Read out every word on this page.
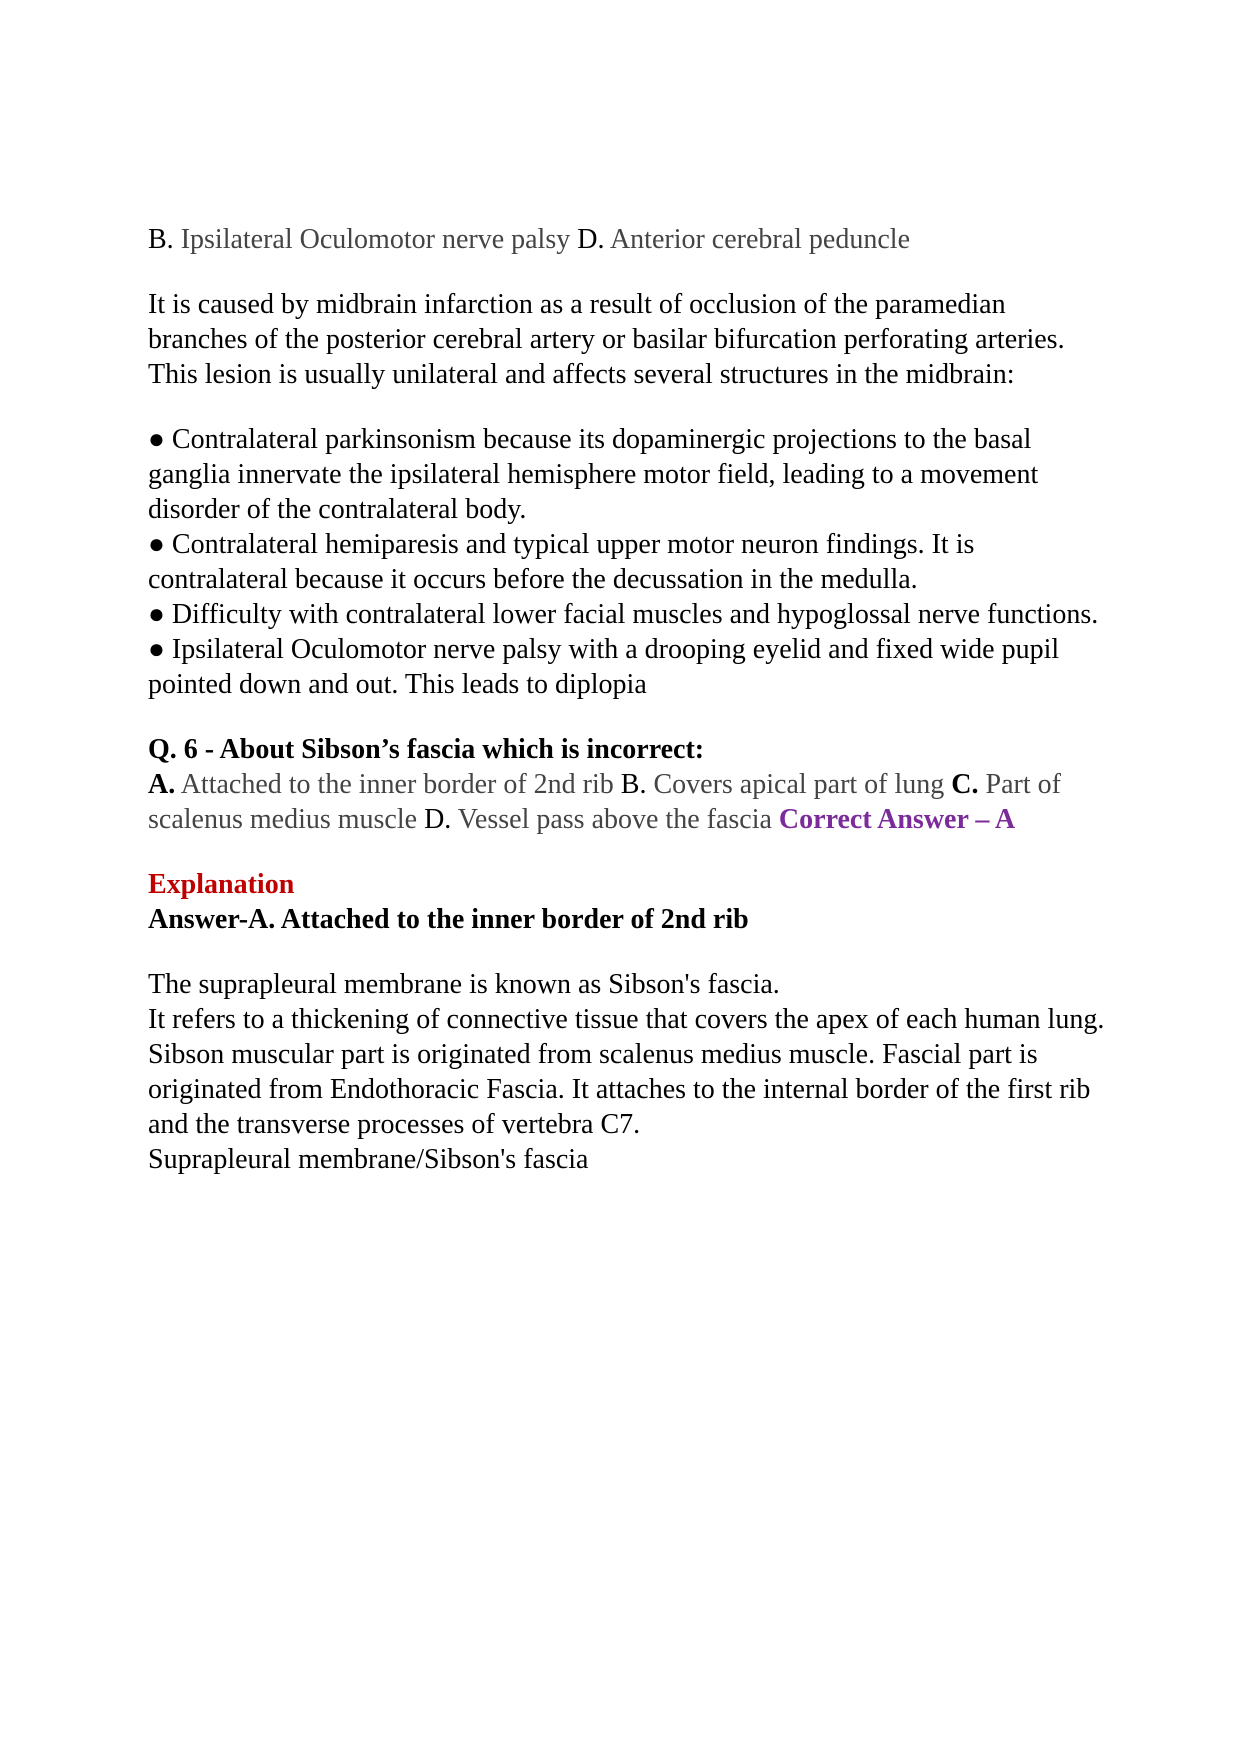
B. Ipsilateral Oculomotor nerve palsy D. Anterior cerebral peduncle

It is caused by midbrain infarction as a result of occlusion of the paramedian branches of the posterior cerebral artery or basilar bifurcation perforating arteries.

This lesion is usually unilateral and affects several structures in the midbrain:

● Contralateral parkinsonism because its dopaminergic projections to the basal ganglia innervate the ipsilateral hemisphere motor field, leading to a movement disorder of the contralateral body.

● Contralateral hemiparesis and typical upper motor neuron findings. It is contralateral because it occurs before the decussation in the medulla.

● Difficulty with contralateral lower facial muscles and hypoglossal nerve functions.

● Ipsilateral Oculomotor nerve palsy with a drooping eyelid and fixed wide pupil pointed down and out. This leads to diplopia

Q. 6 - About Sibson’s fascia which is incorrect:

A. Attached to the inner border of 2nd rib B. Covers apical part of lung C. Part of scalenus medius muscle D. Vessel pass above the fascia Correct Answer – A

Explanation

Answer-A. Attached to the inner border of 2nd rib

The suprapleural membrane is known as Sibson's fascia.

It refers to a thickening of connective tissue that covers the apex of each human lung.

Sibson muscular part is originated from scalenus medius muscle. Fascial part is originated from Endothoracic Fascia. It attaches to the internal border of the first rib and the transverse processes of vertebra C7.

Suprapleural membrane/Sibson's fascia
